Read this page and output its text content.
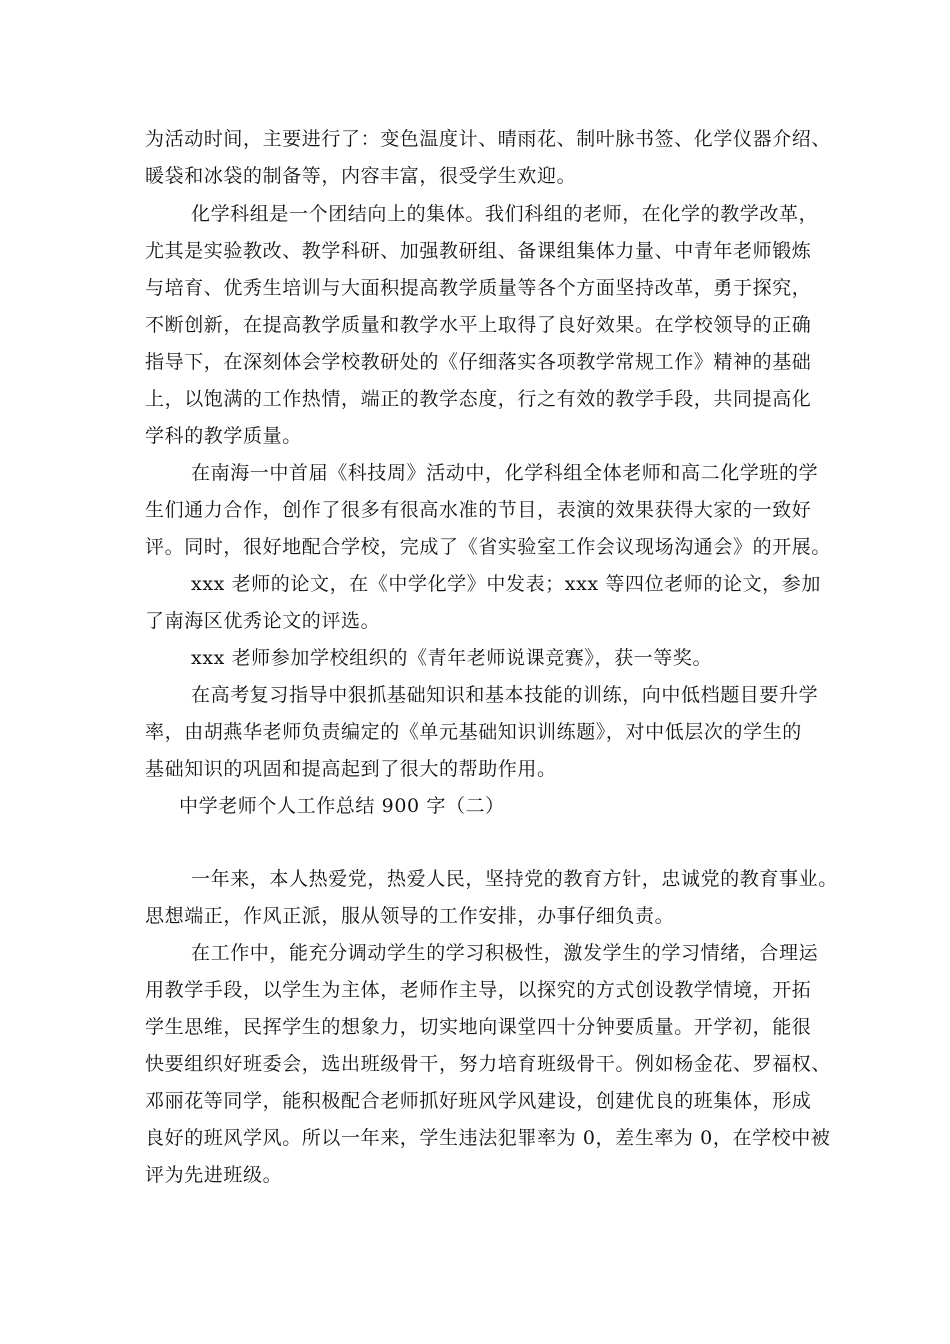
为活动时间，主要进行了：变色温度计、晴雨花、制叶脉书签、化学仪器介绍、
暖袋和冰袋的制备等，内容丰富，很受学生欢迎。
化学科组是一个团结向上的集体。我们科组的老师，在化学的教学改革，
尤其是实验教改、教学科研、加强教研组、备课组集体力量、中青年老师锻炼
与培育、优秀生培训与大面积提高教学质量等各个方面坚持改革，勇于探究，
不断创新，在提高教学质量和教学水平上取得了良好效果。在学校领导的正确
指导下，在深刻体会学校教研处的《仔细落实各项教学常规工作》精神的基础
上，以饱满的工作热情，端正的教学态度，行之有效的教学手段，共同提高化
学科的教学质量。
在南海一中首届《科技周》活动中，化学科组全体老师和高二化学班的学
生们通力合作，创作了很多有很高水准的节目，表演的效果获得大家的一致好
评。同时，很好地配合学校，完成了《省实验室工作会议现场沟通会》的开展。
xxx 老师的论文，在《中学化学》中发表；xxx 等四位老师的论文，参加
了南海区优秀论文的评选。
xxx 老师参加学校组织的《青年老师说课竞赛》，获一等奖。
在高考复习指导中狠抓基础知识和基本技能的训练，向中低档题目要升学
率，由胡燕华老师负责编定的《单元基础知识训练题》，对中低层次的学生的
基础知识的巩固和提高起到了很大的帮助作用。
中学老师个人工作总结 900 字（二）
一年来，本人热爱党，热爱人民，坚持党的教育方针，忠诚党的教育事业。
思想端正，作风正派，服从领导的工作安排，办事仔细负责。
在工作中，能充分调动学生的学习积极性，激发学生的学习情绪，合理运
用教学手段，以学生为主体，老师作主导，以探究的方式创设教学情境，开拓
学生思维，民挥学生的想象力，切实地向课堂四十分钟要质量。开学初，能很
快要组织好班委会，选出班级骨干，努力培育班级骨干。例如杨金花、罗福权、
邓丽花等同学，能积极配合老师抓好班风学风建设，创建优良的班集体，形成
良好的班风学风。所以一年来，学生违法犯罪率为 0，差生率为 0，在学校中被
评为先进班级。
